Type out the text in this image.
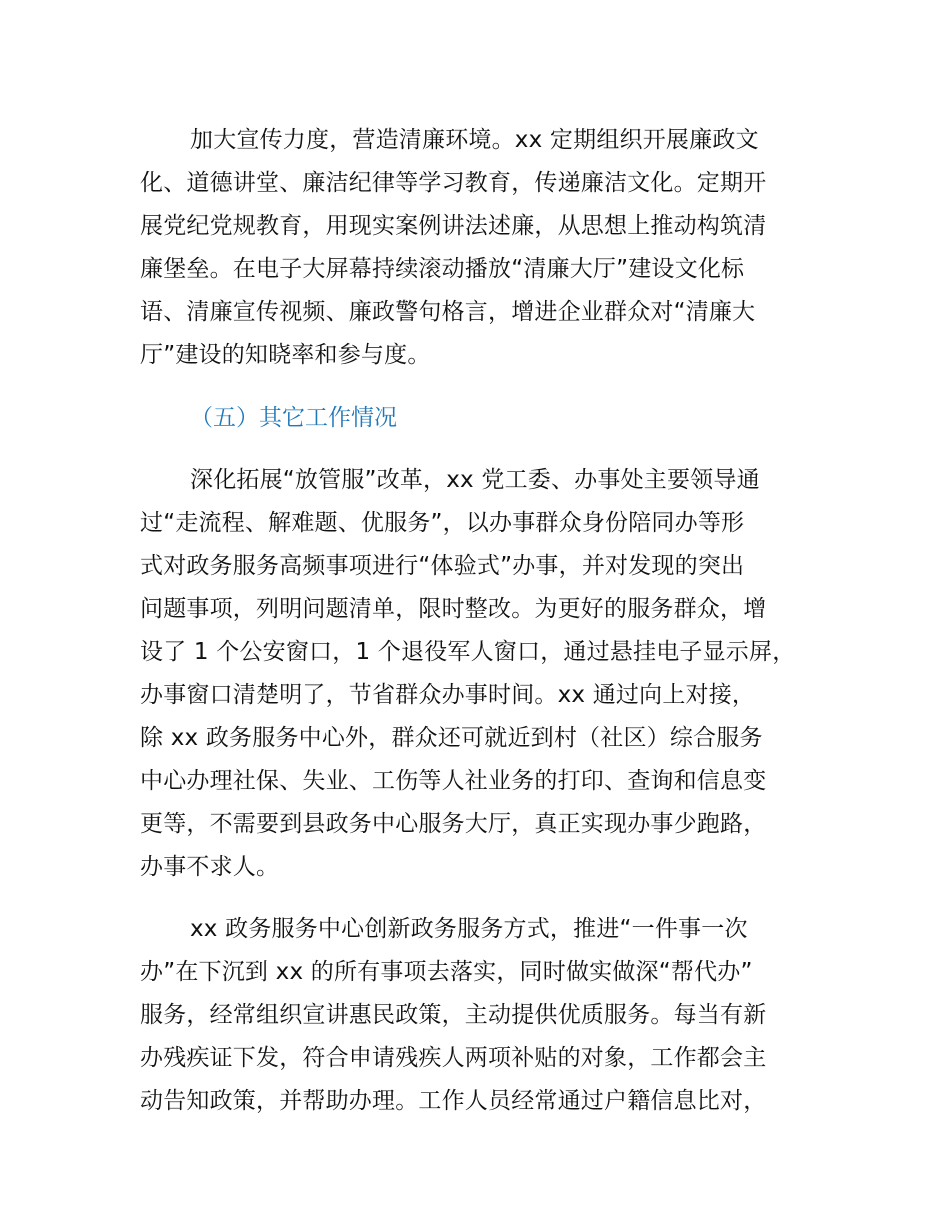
加大宣传力度，营造清廉环境。xx 定期组织开展廉政文
化、道德讲堂、廉洁纪律等学习教育，传递廉洁文化。定期开
展党纪党规教育，用现实案例讲法述廉，从思想上推动构筑清
廉堡垒。在电子大屏幕持续滚动播放“清廉大厅”建设文化标
语、清廉宣传视频、廉政警句格言，增进企业群众对“清廉大
厅”建设的知晓率和参与度。
（五）其它工作情况
深化拓展“放管服”改革，xx 党工委、办事处主要领导通
过“走流程、解难题、优服务”，以办事群众身份陪同办等形
式对政务服务高频事项进行“体验式”办事，并对发现的突出
问题事项，列明问题清单，限时整改。为更好的服务群众，增
设了 1 个公安窗口，1 个退役军人窗口，通过悬挂电子显示屏，
办事窗口清楚明了，节省群众办事时间。xx 通过向上对接，
除 xx 政务服务中心外，群众还可就近到村（社区）综合服务
中心办理社保、失业、工伤等人社业务的打印、查询和信息变
更等，不需要到县政务中心服务大厅，真正实现办事少跑路，
办事不求人。
xx 政务服务中心创新政务服务方式，推进“一件事一次
办”在下沉到 xx 的所有事项去落实，同时做实做深“帮代办”
服务，经常组织宣讲惠民政策，主动提供优质服务。每当有新
办残疾证下发，符合申请残疾人两项补贴的对象，工作都会主
动告知政策，并帮助办理。工作人员经常通过户籍信息比对，
